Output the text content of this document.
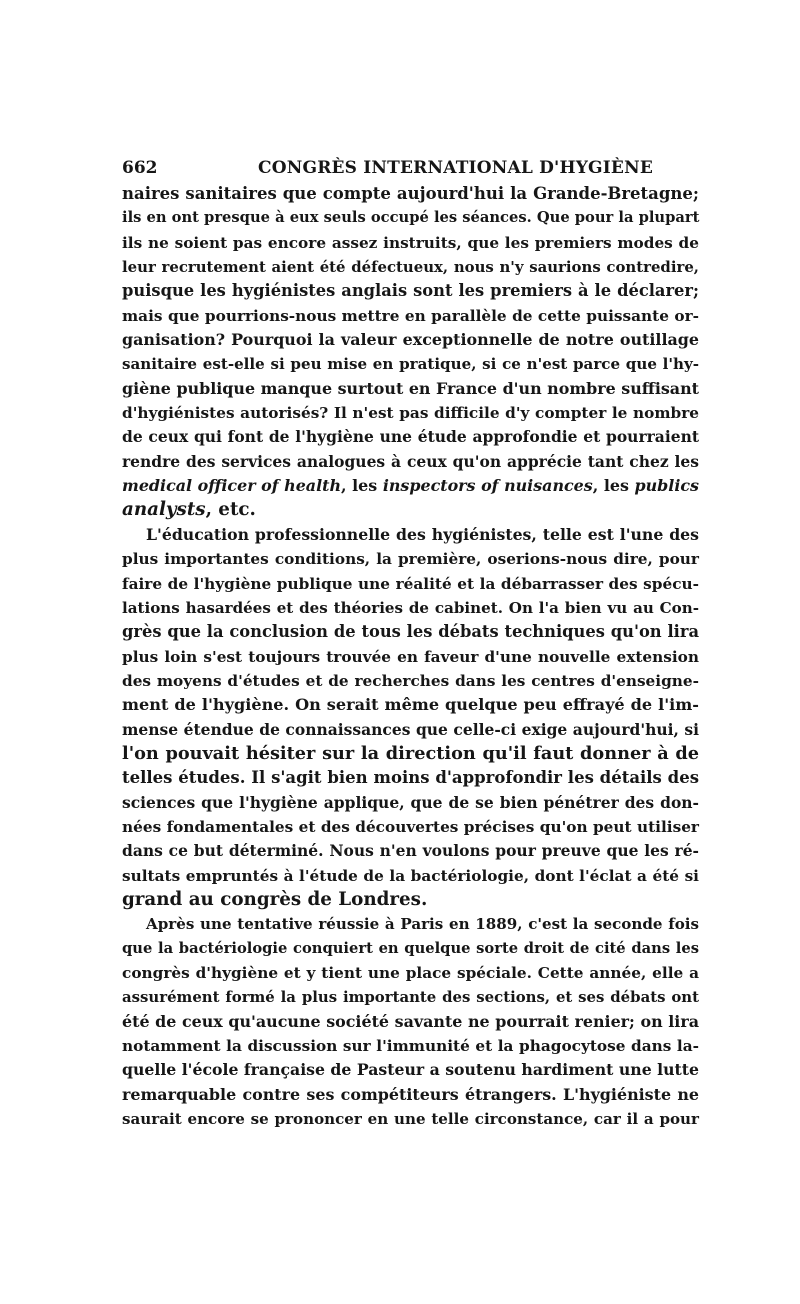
662	CONGRÈS INTERNATIONAL D'HYGIÈNE
naires sanitaires que compte aujourd'hui la Grande-Bretagne;
ils en ont presque à eux seuls occupé les séances. Que pour la plupart
ils ne soient pas encore assez instruits, que les premiers modes de
leur recrutement aient été défectueux, nous n'y saurions contredire,
puisque les hygiénistes anglais sont les premiers à le déclarer;
mais que pourrions-nous mettre en parallèle de cette puissante or-
ganisation? Pourquoi la valeur exceptionnelle de notre outillage
sanitaire est-elle si peu mise en pratique, si ce n'est parce que l'hy-
giène publique manque surtout en France d'un nombre suffisant
d'hygiénistes autorisés? Il n'est pas difficile d'y compter le nombre
de ceux qui font de l'hygiène une étude approfondie et pourraient
rendre des services analogues à ceux qu'on apprécie tant chez les
medical officer of health, les inspectors of nuisances, les publics
analysts, etc.
L'éducation professionnelle des hygiénistes, telle est l'une des
plus importantes conditions, la première, oserions-nous dire, pour
faire de l'hygiène publique une réalité et la débarrasser des spécu-
lations hasardées et des théories de cabinet. On l'a bien vu au Con-
grès que la conclusion de tous les débats techniques qu'on lira
plus loin s'est toujours trouvée en faveur d'une nouvelle extension
des moyens d'études et de recherches dans les centres d'enseigne-
ment de l'hygiène. On serait même quelque peu effrayé de l'im-
mense étendue de connaissances que celle-ci exige aujourd'hui, si
l'on pouvait hésiter sur la direction qu'il faut donner à de
telles études. Il s'agit bien moins d'approfondir les détails des
sciences que l'hygiène applique, que de se bien pénétrer des don-
nées fondamentales et des découvertes précises qu'on peut utiliser
dans ce but déterminé. Nous n'en voulons pour preuve que les ré-
sultats empruntés à l'étude de la bactériologie, dont l'éclat a été si
grand au congrès de Londres.
Après une tentative réussie à Paris en 1889, c'est la seconde fois
que la bactériologie conquiert en quelque sorte droit de cité dans les
congrès d'hygiène et y tient une place spéciale. Cette année, elle a
assurément formé la plus importante des sections, et ses débats ont
été de ceux qu'aucune société savante ne pourrait renier; on lira
notamment la discussion sur l'immunité et la phagocytose dans la-
quelle l'école française de Pasteur a soutenu hardiment une lutte
remarquable contre ses compétiteurs étrangers. L'hygiéniste ne
saurait encore se prononcer en une telle circonstance, car il a pour
